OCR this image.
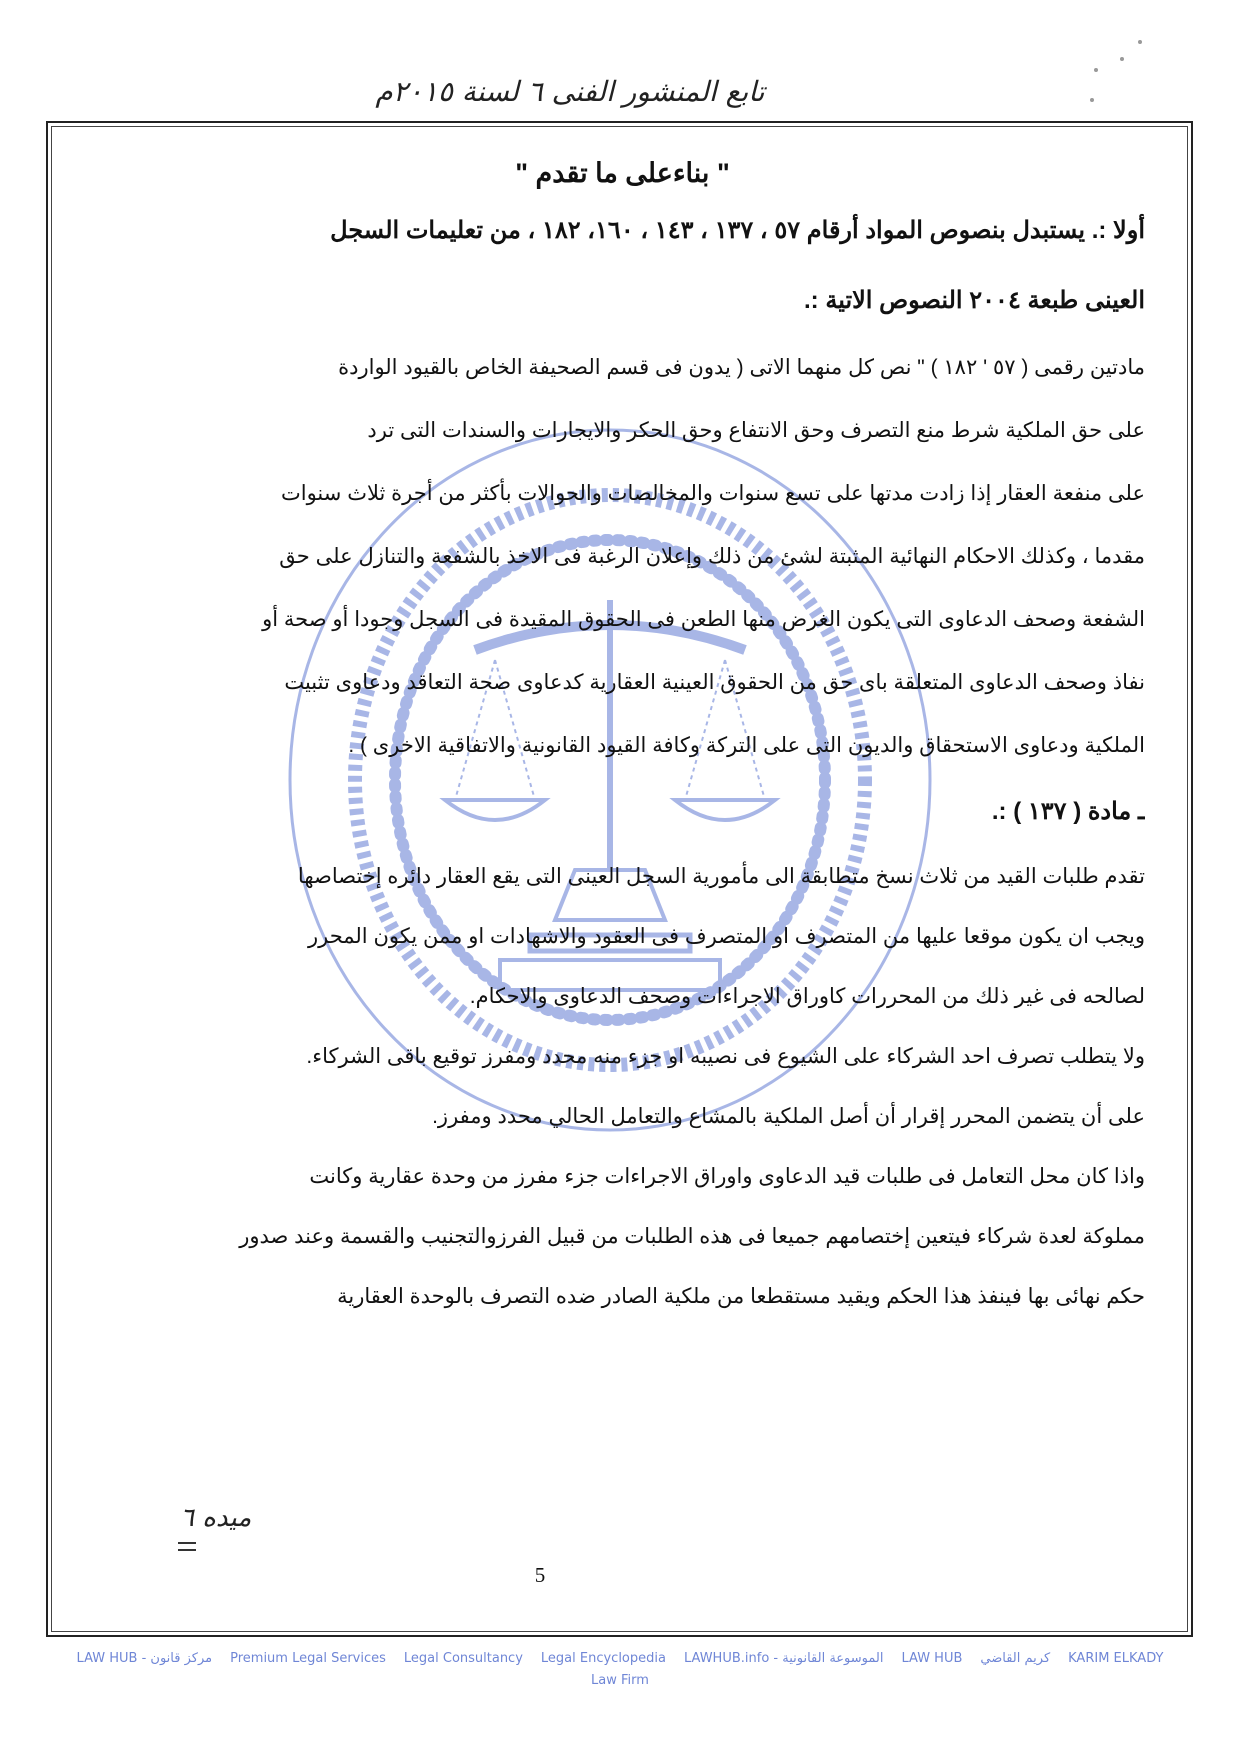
تابع المنشور الفنى ٦ لسنة ٢٠١٥م
" بناءعلى ما تقدم "
أولا :. يستبدل بنصوص المواد أرقام ٥٧ ، ١٣٧ ، ١٤٣ ، ١٦٠، ١٨٢ ، من تعليمات السجل
العينى طبعة ٢٠٠٤ النصوص الاتية :.
مادتين رقمى ( ٥٧ ' ١٨٢ ) " نص كل منهما الاتى ( يدون فى قسم الصحيفة الخاص بالقيود الواردة
على حق الملكية شرط منع التصرف وحق الانتفاع وحق الحكر والايجارات والسندات التى ترد
على منفعة العقار إذا زادت مدتها على تسع سنوات والمخالصات والحوالات بأكثر من أجرة ثلاث سنوات
مقدما ، وكذلك الاحكام النهائية المثبتة لشئ من ذلك وإعلان الرغبة فى الاخذ بالشفعة والتنازل على حق
الشفعة وصحف الدعاوى التى يكون الغرض منها الطعن فى الحقوق المقيدة فى السجل وجودا أو صحة أو
نفاذ وصحف الدعاوى المتعلقة باى حق من الحقوق العينية العقارية كدعاوى صحة التعاقد ودعاوى تثبيت
الملكية ودعاوى الاستحقاق والديون التى على التركة وكافة القيود القانونية والاتفاقية الاخرى ) .
ـ مادة ( ١٣٧ ) :.
تقدم طلبات القيد من ثلاث نسخ متطابقة الى مأمورية السجل العينى التى يقع العقار دائره إختصاصها
ويجب ان يكون موقعا عليها من المتصرف او المتصرف فى العقود والاشهادات او ممن يكون المحرر
لصالحه فى غير ذلك من المحررات كاوراق الاجراءات وصحف الدعاوى والاحكام.
ولا يتطلب تصرف احد الشركاء على الشيوع فى نصيبه او جزء منه محدد ومفرز توقيع باقى الشركاء.
على أن يتضمن المحرر إقرار أن أصل الملكية بالمشاع والتعامل الحالي محدد ومفرز.
واذا كان محل التعامل فى طلبات قيد الدعاوى واوراق الاجراءات جزء مفرز من وحدة عقارية وكانت
مملوكة لعدة شركاء فيتعين إختصامهم جميعا فى هذه الطلبات من قبيل الفرزوالتجنيب والقسمة وعند صدور
حكم نهائى بها فينفذ هذا الحكم ويقيد مستقطعا من ملكية الصادر ضده التصرف بالوحدة العقارية
ميده ٦
5
LAW HUB - مركز قانون Premium Legal Services Legal Consultancy Legal Encyclopedia LAWHUB.info - الموسوعة القانونية LAW HUB كريم القاضي KARIM ELKADY
Law Firm
